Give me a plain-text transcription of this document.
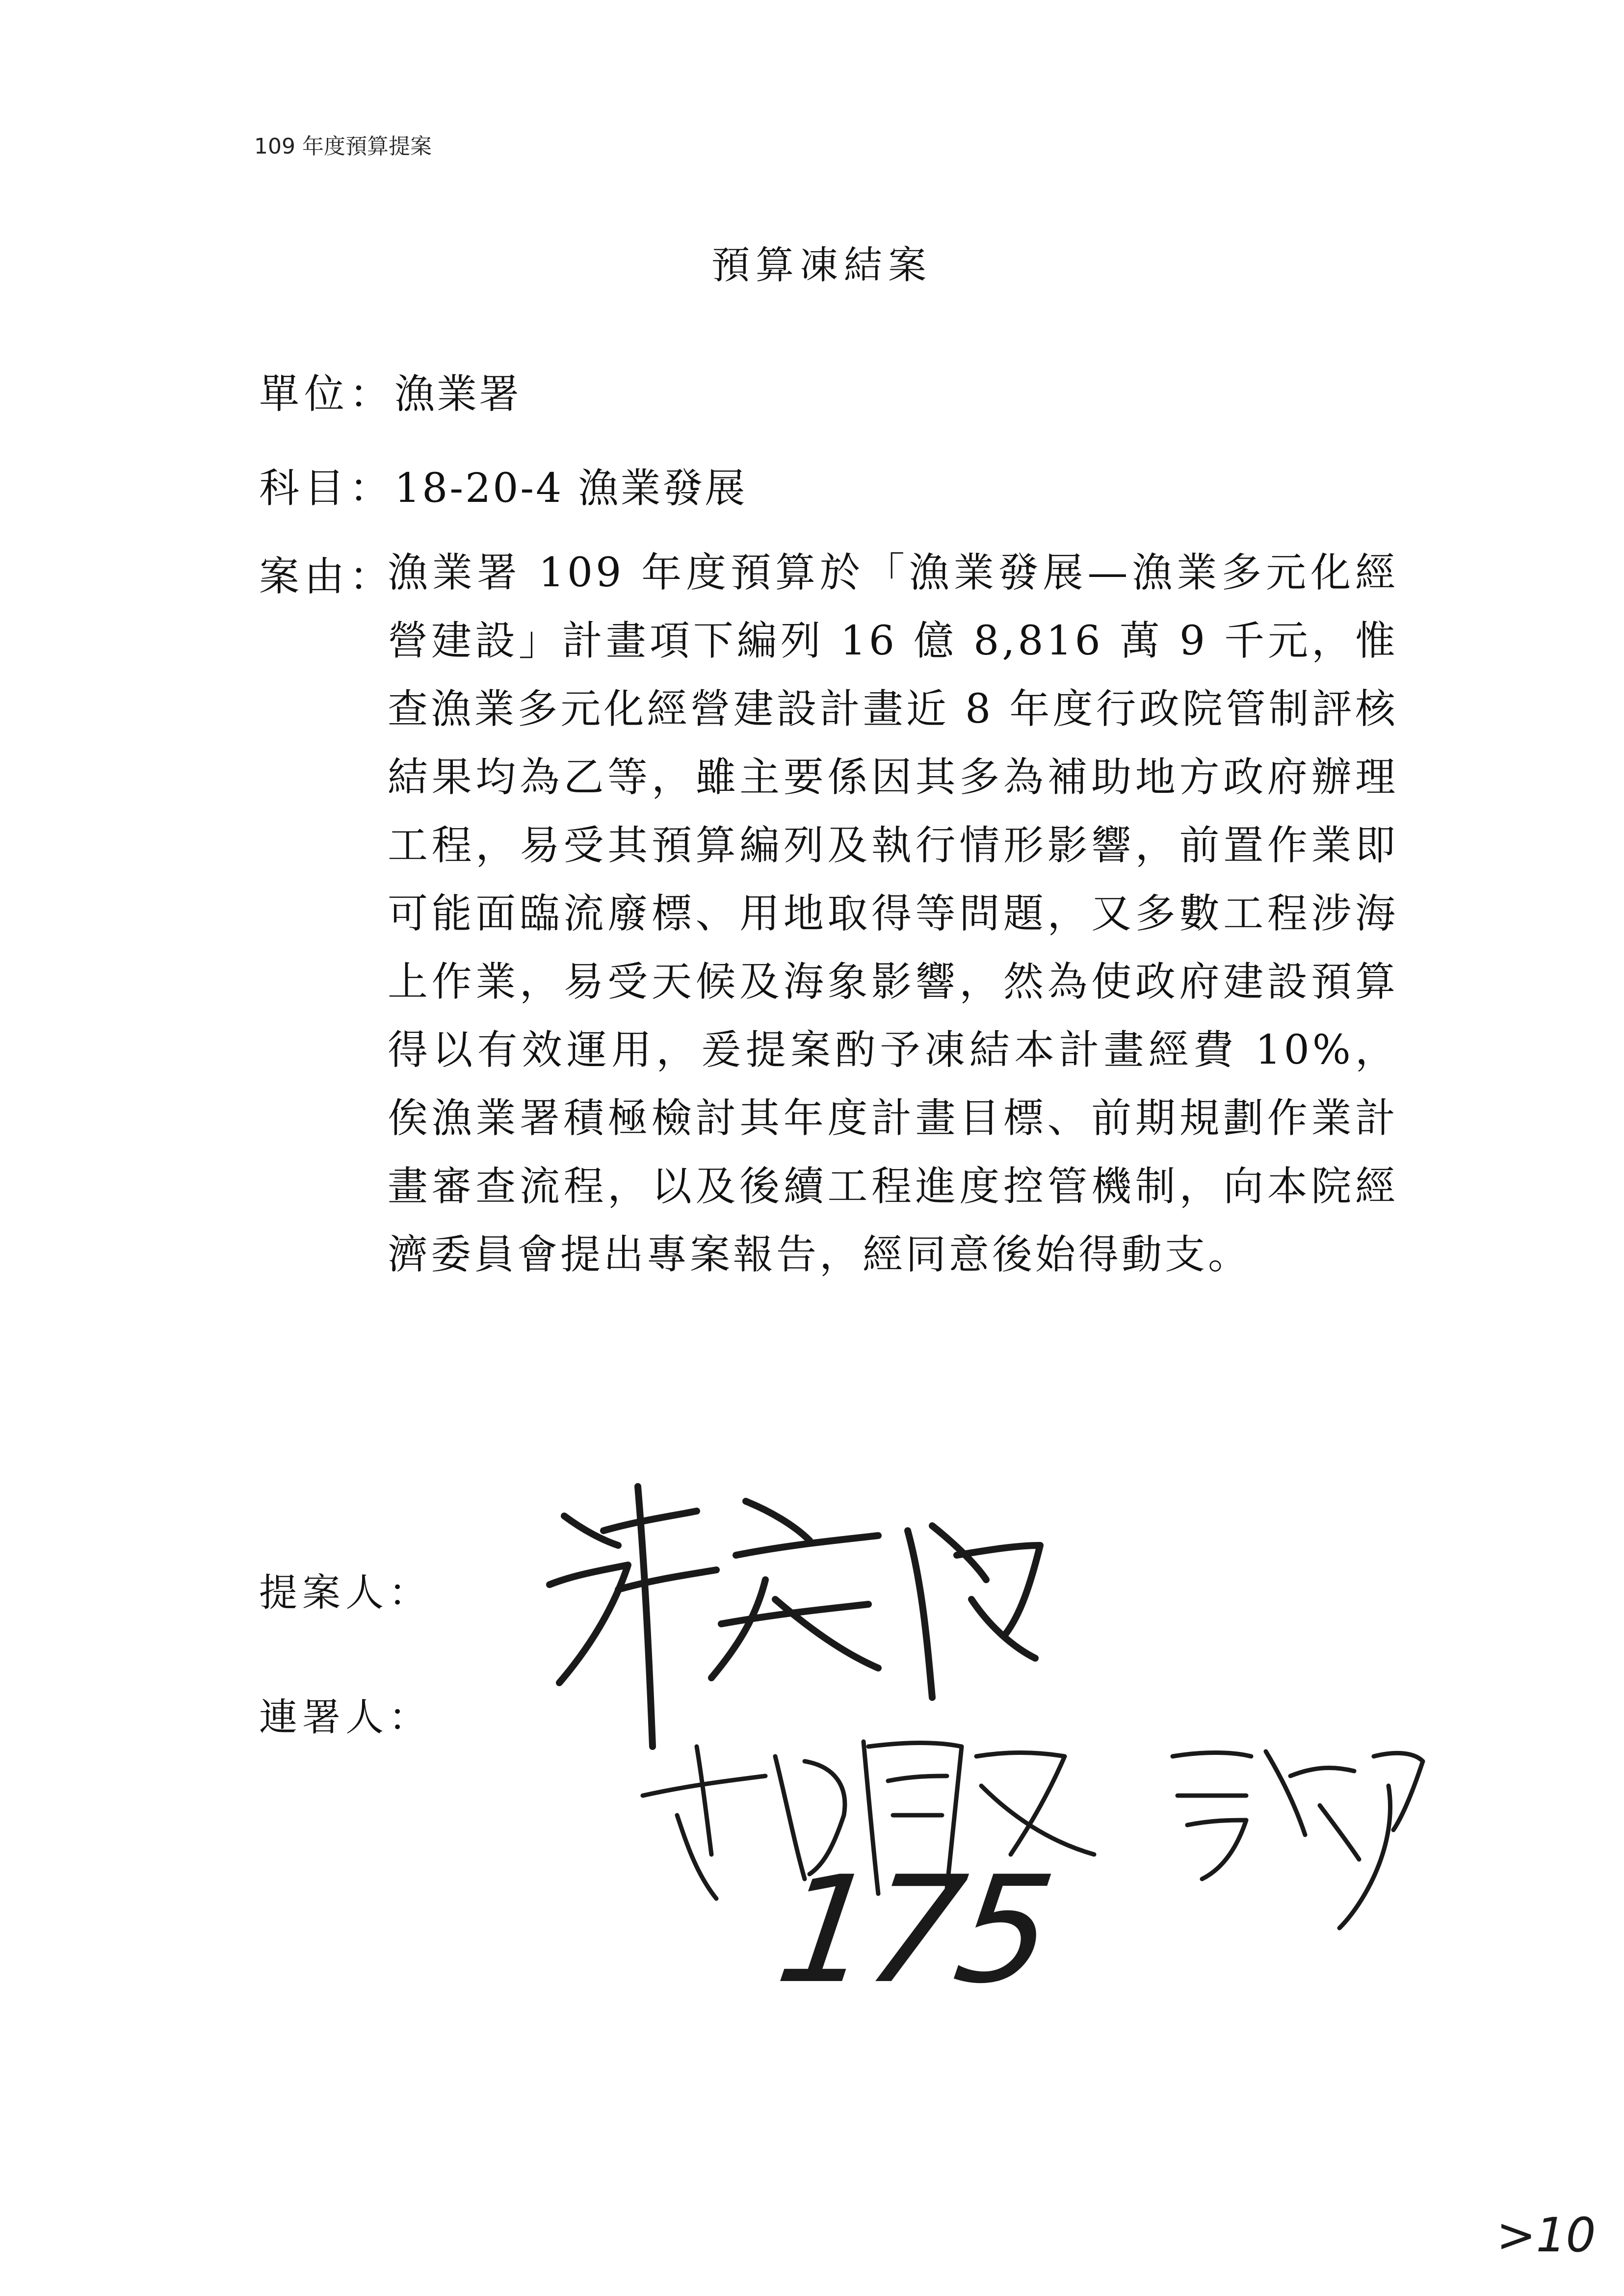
109 年度預算提案
預算凍結案
單位：漁業署
科目：18-20-4 漁業發展
案由：
漁業署 109 年度預算於「漁業發展—漁業多元化經營建設」計畫項下編列 16 億 8,816 萬 9 千元，惟查漁業多元化經營建設計畫近 8 年度行政院管制評核結果均為乙等，雖主要係因其多為補助地方政府辦理工程，易受其預算編列及執行情形影響，前置作業即可能面臨流廢標、用地取得等問題，又多數工程涉海上作業，易受天候及海象影響，然為使政府建設預算得以有效運用，爰提案酌予凍結本計畫經費 10%，俟漁業署積極檢討其年度計畫目標、前期規劃作業計畫審查流程，以及後續工程進度控管機制，向本院經濟委員會提出專案報告，經同意後始得動支。
提案人：
連署人：
175
>10
